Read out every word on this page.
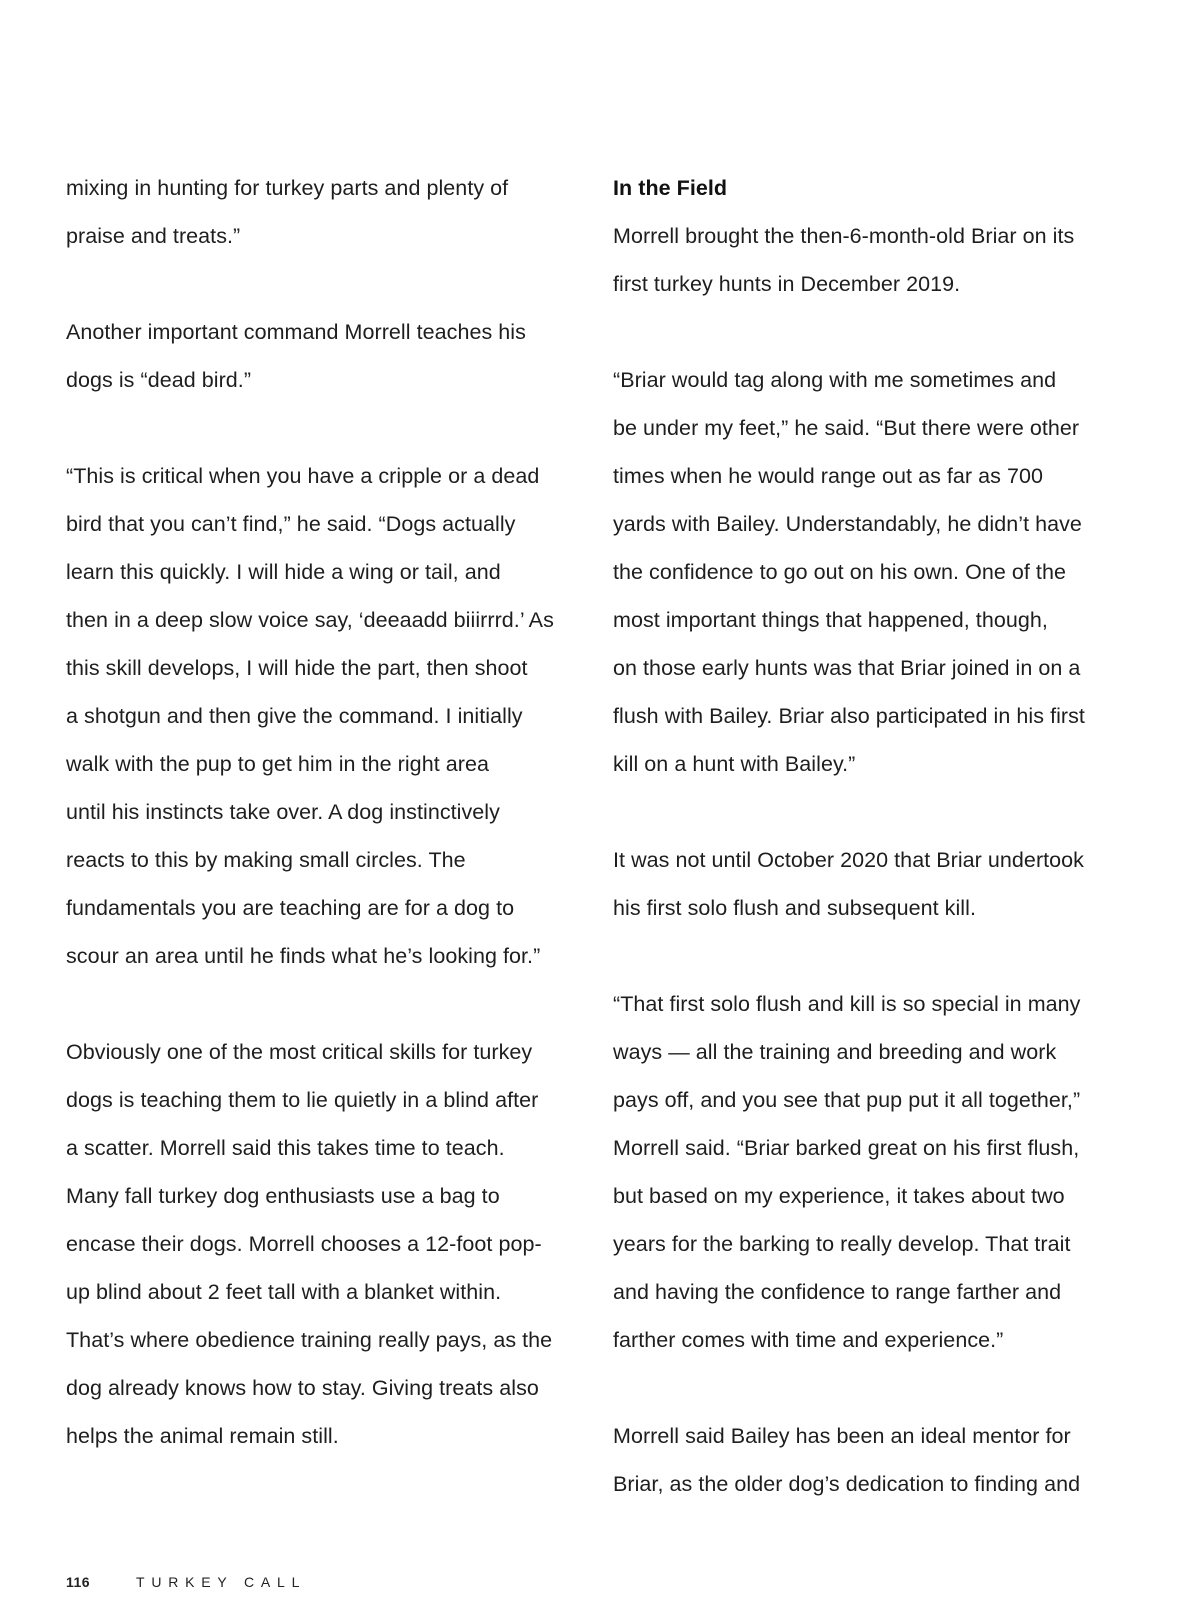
mixing in hunting for turkey parts and plenty of
praise and treats.”
Another important command Morrell teaches his
dogs is “dead bird.”
“This is critical when you have a cripple or a dead
bird that you can’t find,” he said. “Dogs actually
learn this quickly. I will hide a wing or tail, and
then in a deep slow voice say, ‘deeaadd biiirrrd.’ As
this skill develops, I will hide the part, then shoot
a shotgun and then give the command. I initially
walk with the pup to get him in the right area
until his instincts take over. A dog instinctively
reacts to this by making small circles. The
fundamentals you are teaching are for a dog to
scour an area until he finds what he’s looking for.”
Obviously one of the most critical skills for turkey
dogs is teaching them to lie quietly in a blind after
a scatter. Morrell said this takes time to teach.
Many fall turkey dog enthusiasts use a bag to
encase their dogs. Morrell chooses a 12-foot pop-
up blind about 2 feet tall with a blanket within.
That’s where obedience training really pays, as the
dog already knows how to stay. Giving treats also
helps the animal remain still.
In the Field
Morrell brought the then-6-month-old Briar on its
first turkey hunts in December 2019.
“Briar would tag along with me sometimes and
be under my feet,” he said. “But there were other
times when he would range out as far as 700
yards with Bailey. Understandably, he didn’t have
the confidence to go out on his own. One of the
most important things that happened, though,
on those early hunts was that Briar joined in on a
flush with Bailey. Briar also participated in his first
kill on a hunt with Bailey.”
It was not until October 2020 that Briar undertook
his first solo flush and subsequent kill.
“That first solo flush and kill is so special in many
ways — all the training and breeding and work
pays off, and you see that pup put it all together,”
Morrell said. “Briar barked great on his first flush,
but based on my experience, it takes about two
years for the barking to really develop. That trait
and having the confidence to range farther and
farther comes with time and experience.”
Morrell said Bailey has been an ideal mentor for
Briar, as the older dog’s dedication to finding and
116	TURKEY CALL
